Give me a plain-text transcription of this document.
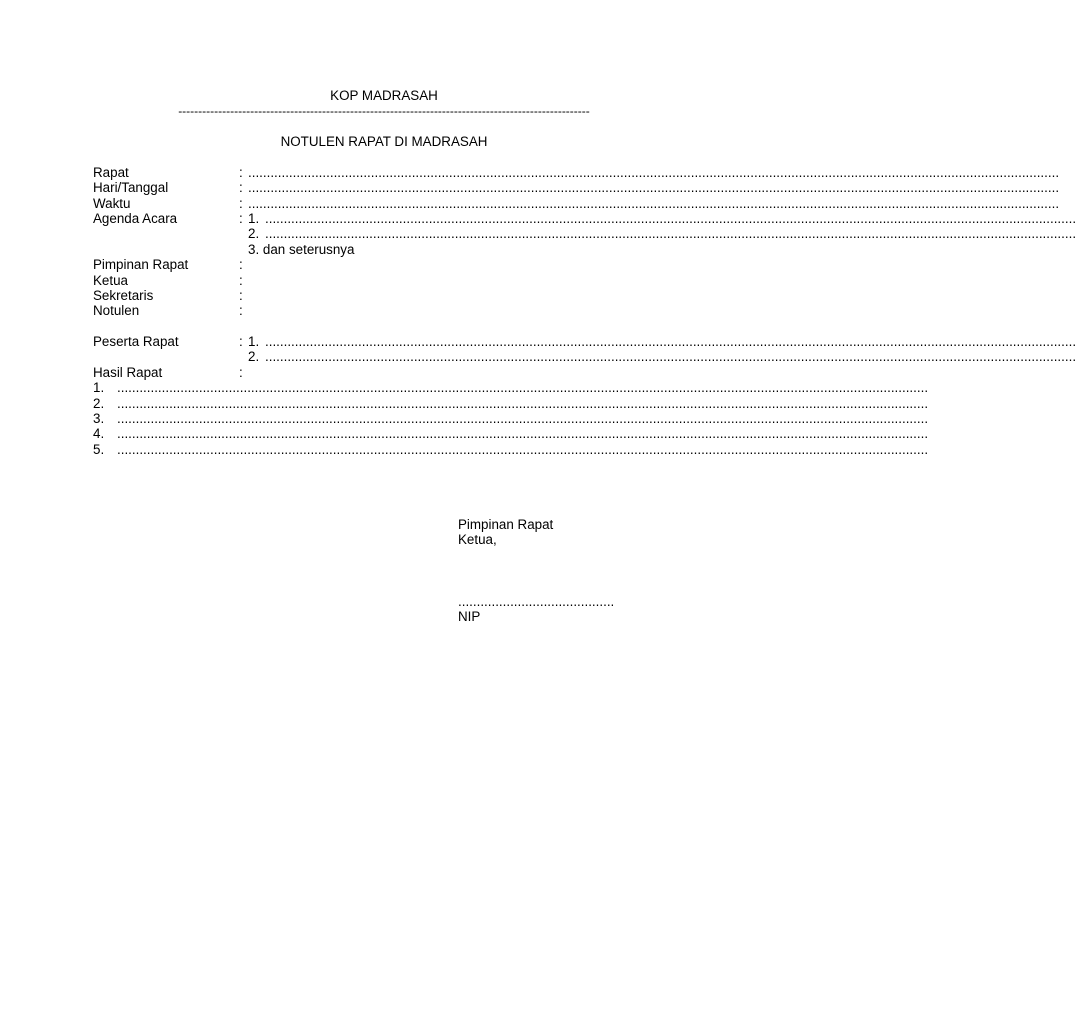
KOP MADRASAH
-------------------------------------------------------------------------------------------------------
NOTULEN RAPAT DI MADRASAH
Rapat
Hari/Tanggal
Waktu
Agenda Acara
Pimpinan Rapat
Ketua
Sekretaris
Notulen
Peserta Rapat
Hasil Rapat
:
:
:
:
:
:
:
:
:
:
..........................................................................................................................................................................................................................
..........................................................................................................................................................................................................................
..........................................................................................................................................................................................................................
1. ..........................................................................................................................................................................................................................
2. ..........................................................................................................................................................................................................................
3. dan seterusnya
1. ..........................................................................................................................................................................................................................
2. ..........................................................................................................................................................................................................................
1. ..........................................................................................................................................................................................................................
2. ..........................................................................................................................................................................................................................
3. ..........................................................................................................................................................................................................................
4. ..........................................................................................................................................................................................................................
5. ..........................................................................................................................................................................................................................
Pimpinan Rapat
Ketua,
..........................................
NIP
